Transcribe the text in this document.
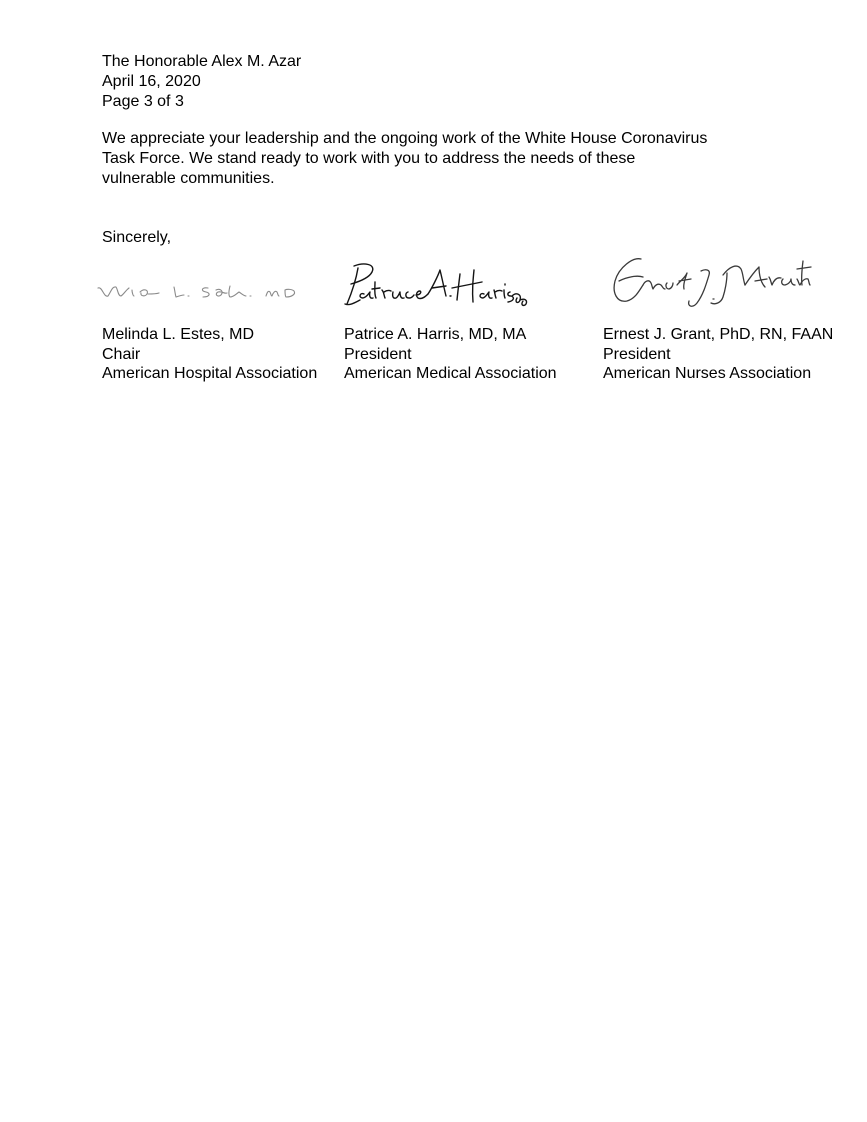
The Honorable Alex M. Azar
April 16, 2020
Page 3 of 3
We appreciate your leadership and the ongoing work of the White House Coronavirus
Task Force. We stand ready to work with you to address the needs of these
vulnerable communities.
Sincerely,
Melinda L. Estes, MD
Chair
American Hospital Association
Patrice A. Harris, MD, MA
President
American Medical Association
Ernest J. Grant, PhD, RN, FAAN
President
American Nurses Association
